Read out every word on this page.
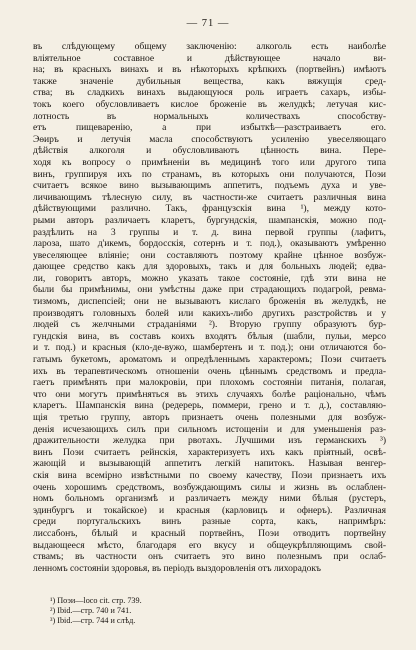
— 71 —
въ слѣдующему общему заключенію: алкоголь есть наиболѣе
вліятельное составное и дѣйствующее начало ви-
на; въ красныхъ винахъ и въ нѣкоторыхъ крѣпкихъ (портвейнъ) имѣютъ
также значеніе дубильныя вещества, какъ вяжущія сред-
ства; въ сладкихъ винахъ выдающуюся роль играетъ сахаръ, избы-
токъ коего обусловливаетъ кислое броженіе въ желудкѣ; летучая кис-
лотность въ нормальныхъ количествахъ способству-
етъ пищеваренію, а при избыткѣ—разстраиваетъ его.
Эѳиръ и летучія масла способствуютъ усиленію увеселяющаго
дѣйствія алкоголя и обусловливаютъ цѣнность вина. Пере-
ходя къ вопросу о примѣненіи въ медицинѣ того или другого типа
винъ, группируя ихъ по странамъ, въ которыхъ они получаются, Поэи
считаетъ всякое вино вызывающимъ аппетитъ, подъемъ духа и уве-
личивающимъ тѣлесную силу, въ частности-же считаетъ различныя вина
дѣйствующими различно. Такъ, французскія вина ¹), между кото-
рыми авторъ различаетъ кларетъ, бургундскія, шампанскія, можно под-
раздѣлить на 3 группы и т. д. вина первой группы (лафитъ,
лароза, шато д'икемъ, бордосскія, сотернъ и т. под.), оказываютъ умѣренно
увеселяющее вліяніе; они составляютъ поэтому крайне цѣнное возбуж-
дающее средство какъ для здоровыхъ, такъ и для больныхъ людей; едва-
ли, говоритъ авторъ, можно указать такое состояніе, гдѣ эти вина не
были бы примѣнимы, они умѣстны даже при страдающихъ подагрой, ревма-
тизмомъ, диспепсіей; они не вызываютъ кислаго броженія въ желудкѣ, не
производятъ головныхъ болей или какихъ-либо другихъ разстройствъ и у
людей съ желчными страданіями ²). Вторую группу образуютъ бур-
гундскія вина, въ составъ коихъ входятъ бѣлыя (шабли, пульи, мерсо
и т. под.) и красныя (кло-де-вужо, шамбертенъ и т. под.); они отличаются бо-
гатымъ букетомъ, ароматомъ и опредѣленнымъ характеромъ; Поэи считаетъ
ихъ въ терапевтическомъ отношеніи очень цѣннымъ средствомъ и предла-
гаетъ примѣнять при малокровіи, при плохомъ состояніи питанія, полагая,
что они могутъ примѣняться въ этихъ случаяхъ болѣе раціонально, чѣмъ
кларетъ. Шампанскія вина (редерерь, поммери, грено и т. д.), составляю-
щія третью группу, авторъ признаетъ очень полезными для возбуж-
денія исчезающихъ силъ при сильномъ истощеніи и для уменьшенія раз-
дражительности желудка при рвотахъ. Лучшими изъ германскихъ ³)
винъ Поэи считаетъ рейнскія, характеризуетъ ихъ какъ пріятный, освѣ-
жающій и вызывающій аппетитъ легкій напитокъ. Называя венгер-
скія вина всемірно извѣстными по своему качеству, Поэи признаетъ ихъ
очень хорошимъ средствомъ, возбуждающимъ силы и жизнь въ ослаблен-
номъ больномъ организмѣ и различаетъ между ними бѣлыя (рустеръ,
эдинбургъ и токайское) и красныя (карловицъ и офнеръ). Различная
среди португальскихъ винъ разные сорта, какъ, напримѣръ:
лиссабонъ, бѣлый и красный портвейнъ, Поэи отводитъ портвейну
выдающееся мѣсто, благодаря его вкусу и общеукрѣпляющимъ свой-
ствамъ; въ частности онъ считаетъ это вино полезнымъ при ослаб-
ленномъ состояніи здоровья, въ періодъ выздоровленія отъ лихорадокъ
¹) Поэи—loco cit. стр. 739.
²) Ibid.—стр. 740 и 741.
³) Ibid.—стр. 744 и слѣд.
